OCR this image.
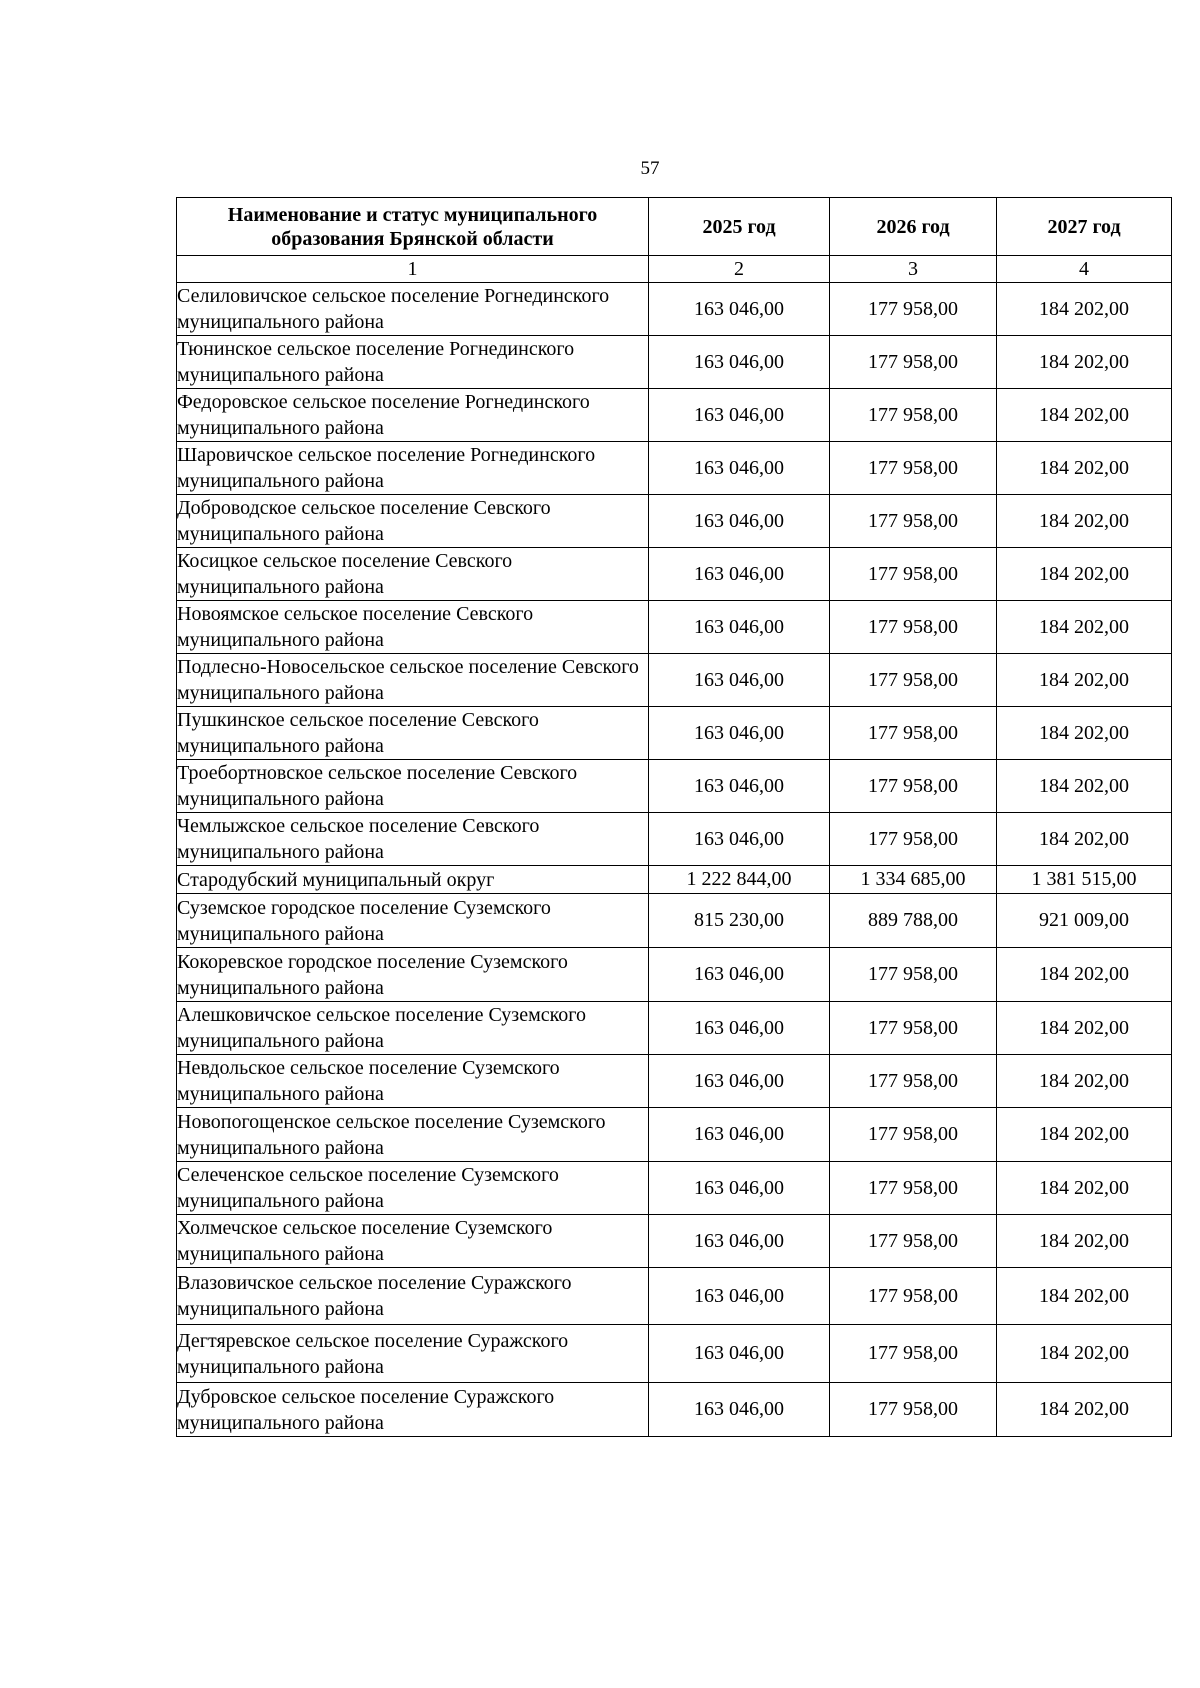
57
Наименование и статус муниципального образования Брянской области	2025 год	2026 год	2027 год
1	2	3	4
Селиловичское сельское поселение Рогнединского муниципального района	163 046,00	177 958,00	184 202,00
Тюнинское сельское поселение Рогнединского муниципального района	163 046,00	177 958,00	184 202,00
Федоровское сельское поселение Рогнединского муниципального района	163 046,00	177 958,00	184 202,00
Шаровичское сельское поселение Рогнединского муниципального района	163 046,00	177 958,00	184 202,00
Доброводское сельское поселение Севского муниципального района	163 046,00	177 958,00	184 202,00
Косицкое сельское поселение Севского муниципального района	163 046,00	177 958,00	184 202,00
Новоямское сельское поселение Севского муниципального района	163 046,00	177 958,00	184 202,00
Подлесно-Новосельское сельское поселение Севского муниципального района	163 046,00	177 958,00	184 202,00
Пушкинское сельское поселение Севского муниципального района	163 046,00	177 958,00	184 202,00
Троебортновское сельское поселение Севского муниципального района	163 046,00	177 958,00	184 202,00
Чемлыжское сельское поселение Севского муниципального района	163 046,00	177 958,00	184 202,00
Стародубский муниципальный округ	1 222 844,00	1 334 685,00	1 381 515,00
Суземское городское поселение Суземского муниципального района	815 230,00	889 788,00	921 009,00
Кокоревское городское поселение Суземского муниципального района	163 046,00	177 958,00	184 202,00
Алешковичское сельское поселение Суземского муниципального района	163 046,00	177 958,00	184 202,00
Невдольское сельское поселение Суземского муниципального района	163 046,00	177 958,00	184 202,00
Новопогощенское сельское поселение Суземского муниципального района	163 046,00	177 958,00	184 202,00
Селеченское сельское поселение Суземского муниципального района	163 046,00	177 958,00	184 202,00
Холмечское сельское поселение Суземского муниципального района	163 046,00	177 958,00	184 202,00
Влазовичское сельское поселение Суражского муниципального района	163 046,00	177 958,00	184 202,00
Дегтяревское сельское поселение Суражского муниципального района	163 046,00	177 958,00	184 202,00
Дубровское сельское поселение Суражского муниципального района	163 046,00	177 958,00	184 202,00
